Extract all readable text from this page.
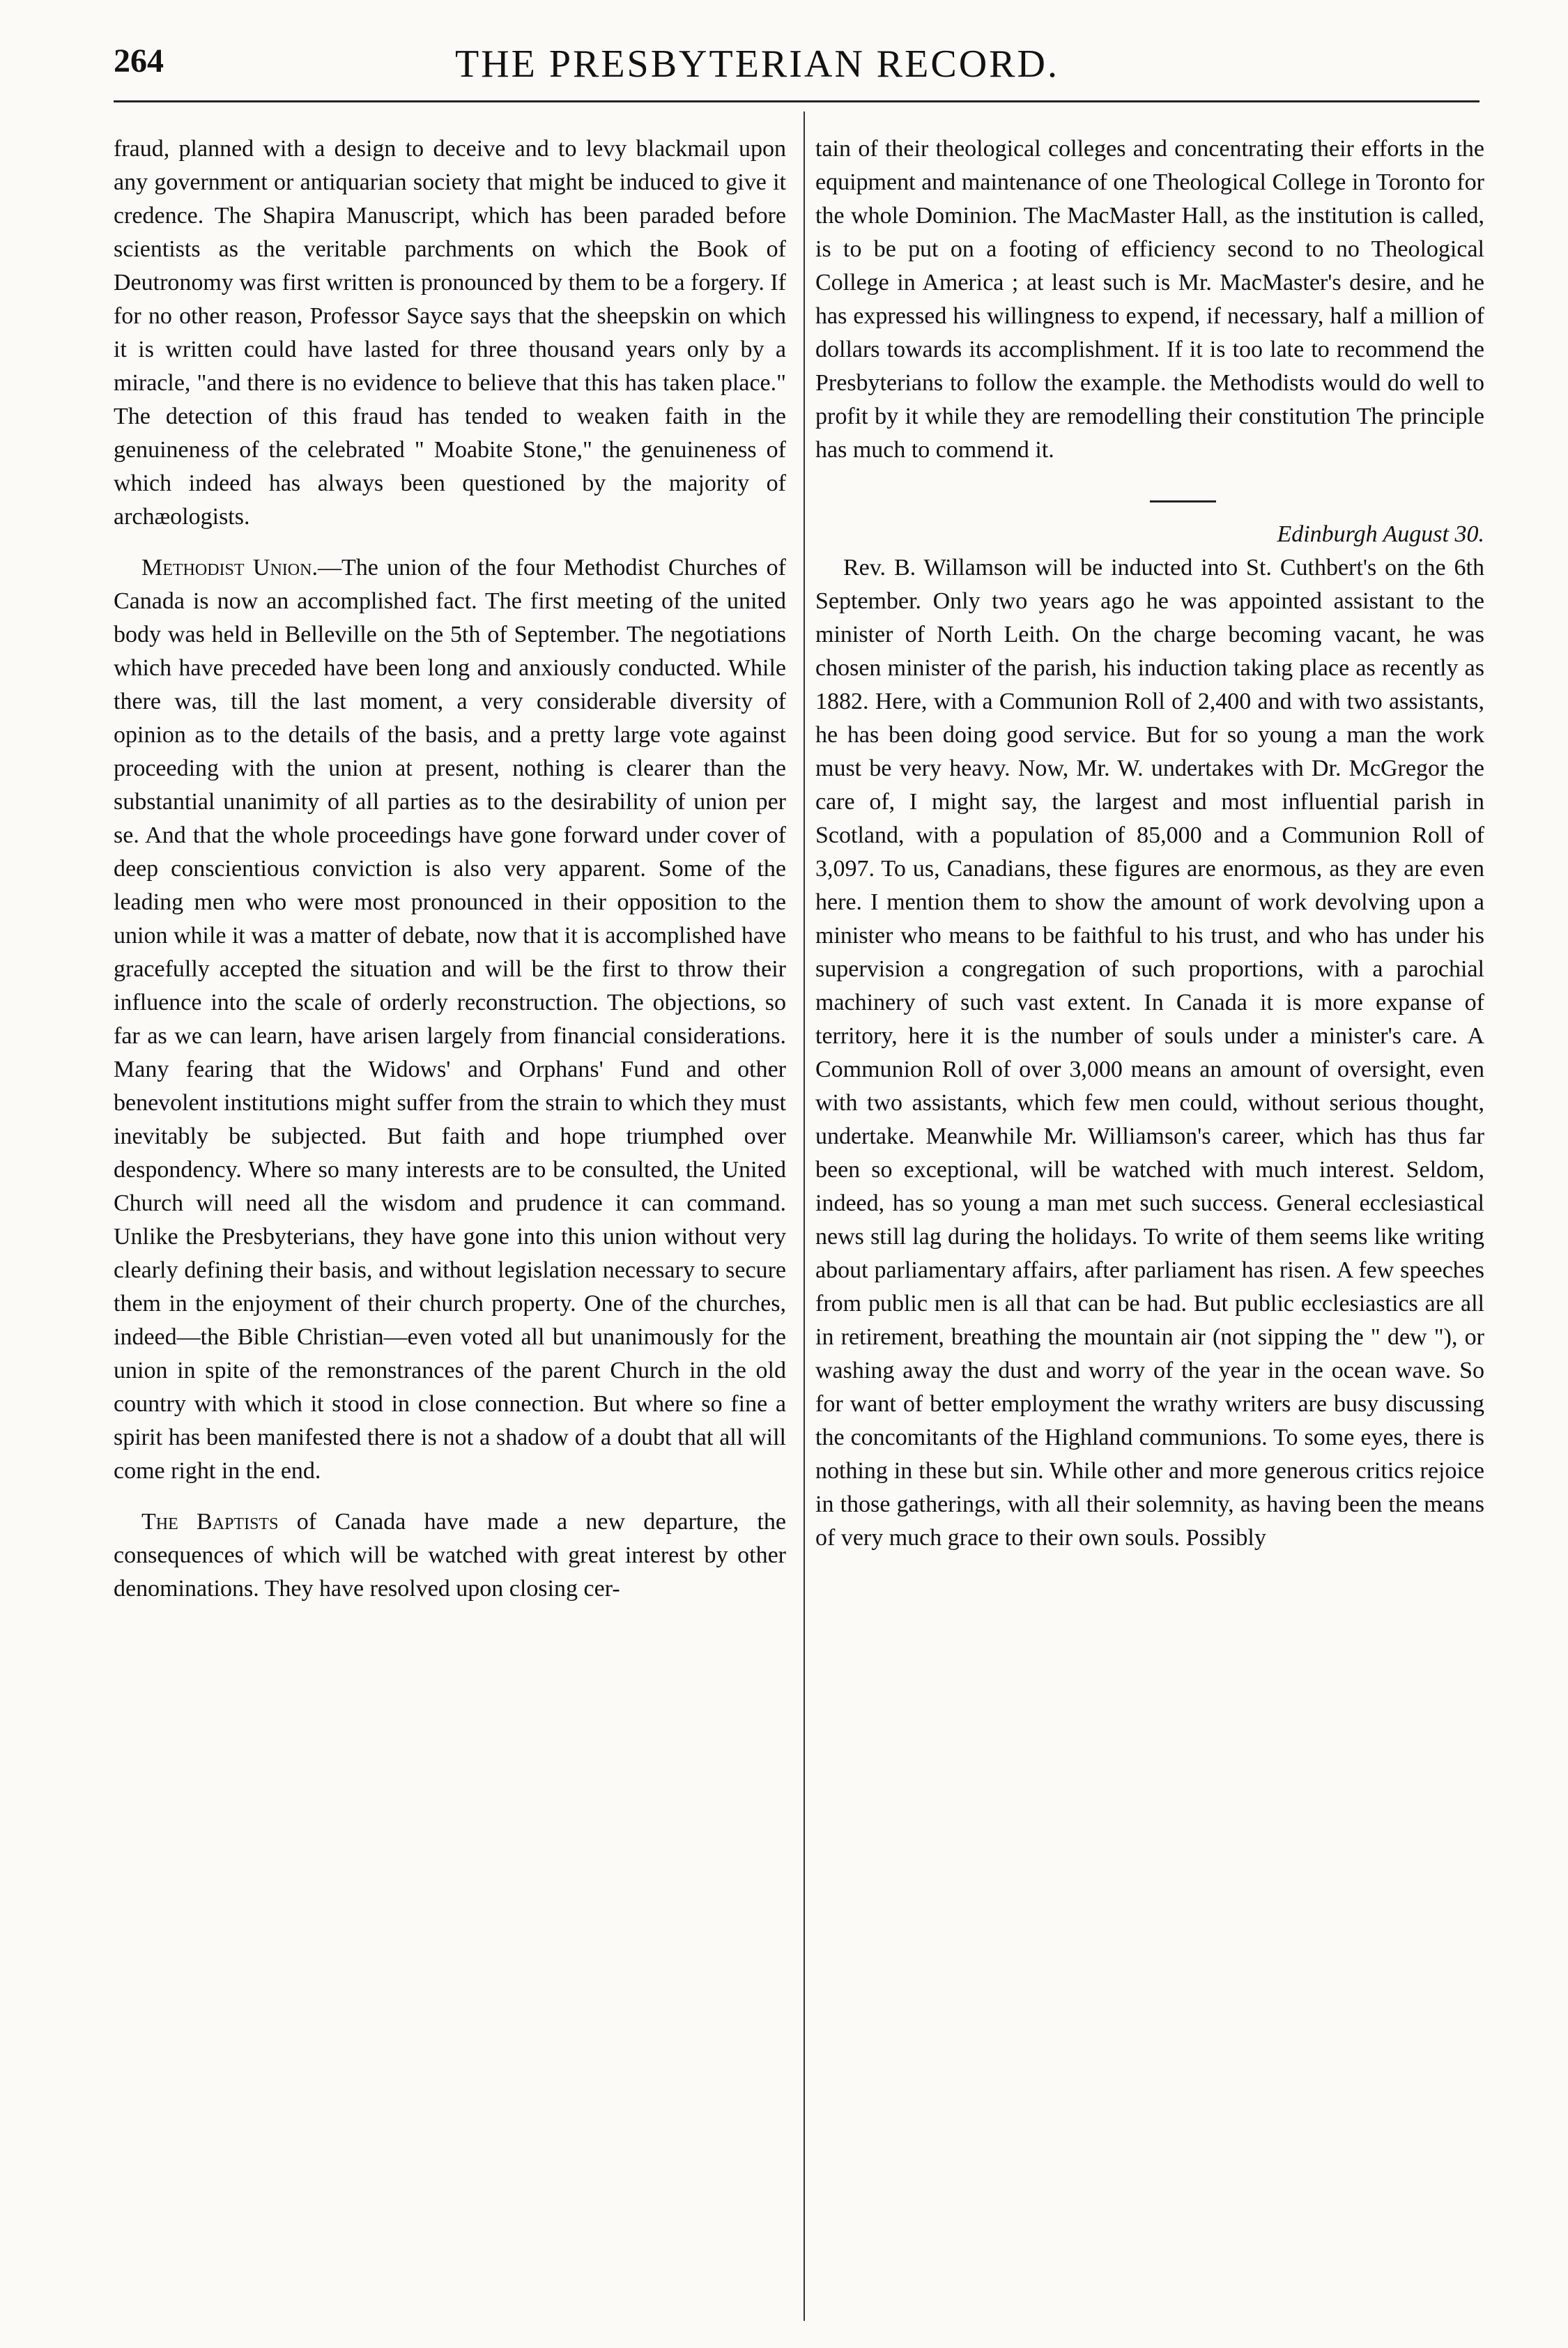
264	THE PRESBYTERIAN RECORD.

fraud, planned with a design to deceive and to levy blackmail upon any government or antiquarian society that might be induced to give it credence. The Shapira Manuscript, which has been paraded before scientists as the veritable parchments on which the Book of Deutronomy was first written is pronounced by them to be a forgery. If for no other reason, Professor Sayce says that the sheepskin on which it is written could have lasted for three thousand years only by a miracle, "and there is no evidence to believe that this has taken place." The detection of this fraud has tended to weaken faith in the genuineness of the celebrated " Moabite Stone," the genuineness of which indeed has always been questioned by the majority of archæologists.

Methodist Union.—The union of the four Methodist Churches of Canada is now an accomplished fact. The first meeting of the united body was held in Belleville on the 5th of September. The negotiations which have preceded have been long and anxiously conducted. While there was, till the last moment, a very considerable diversity of opinion as to the details of the basis, and a pretty large vote against proceeding with the union at present, nothing is clearer than the substantial unanimity of all parties as to the desirability of union per se. And that the whole proceedings have gone forward under cover of deep conscientious conviction is also very apparent. Some of the leading men who were most pronounced in their opposition to the union while it was a matter of debate, now that it is accomplished have gracefully accepted the situation and will be the first to throw their influence into the scale of orderly reconstruction. The objections, so far as we can learn, have arisen largely from financial considerations. Many fearing that the Widows' and Orphans' Fund and other benevolent institutions might suffer from the strain to which they must inevitably be subjected. But faith and hope triumphed over despondency. Where so many interests are to be consulted, the United Church will need all the wisdom and prudence it can command. Unlike the Presbyterians, they have gone into this union without very clearly defining their basis, and without legislation necessary to secure them in the enjoyment of their church property. One of the churches, indeed—the Bible Christian—even voted all but unanimously for the union in spite of the remonstrances of the parent Church in the old country with which it stood in close connection. But where so fine a spirit has been manifested there is not a shadow of a doubt that all will come right in the end.

The Baptists of Canada have made a new departure, the consequences of which will be watched with great interest by other denominations. They have resolved upon closing cer-

tain of their theological colleges and concentrating their efforts in the equipment and maintenance of one Theological College in Toronto for the whole Dominion. The MacMaster Hall, as the institution is called, is to be put on a footing of efficiency second to no Theological College in America ; at least such is Mr. MacMaster's desire, and he has expressed his willingness to expend, if necessary, half a million of dollars towards its accomplishment. If it is too late to recommend the Presbyterians to follow the example. the Methodists would do well to profit by it while they are remodelling their constitution The principle has much to commend it.

Edinburgh August 30.

Rev. B. Willamson will be inducted into St. Cuthbert's on the 6th September. Only two years ago he was appointed assistant to the minister of North Leith. On the charge becoming vacant, he was chosen minister of the parish, his induction taking place as recently as 1882. Here, with a Communion Roll of 2,400 and with two assistants, he has been doing good service. But for so young a man the work must be very heavy. Now, Mr. W. undertakes with Dr. McGregor the care of, I might say, the largest and most influential parish in Scotland, with a population of 85,000 and a Communion Roll of 3,097. To us, Canadians, these figures are enormous, as they are even here. I mention them to show the amount of work devolving upon a minister who means to be faithful to his trust, and who has under his supervision a congregation of such proportions, with a parochial machinery of such vast extent. In Canada it is more expanse of territory, here it is the number of souls under a minister's care. A Communion Roll of over 3,000 means an amount of oversight, even with two assistants, which few men could, without serious thought, undertake. Meanwhile Mr. Williamson's career, which has thus far been so exceptional, will be watched with much interest. Seldom, indeed, has so young a man met such success. General ecclesiastical news still lag during the holidays. To write of them seems like writing about parliamentary affairs, after parliament has risen. A few speeches from public men is all that can be had. But public ecclesiastics are all in retirement, breathing the mountain air (not sipping the " dew "), or washing away the dust and worry of the year in the ocean wave. So for want of better employment the wrathy writers are busy discussing the concomitants of the Highland communions. To some eyes, there is nothing in these but sin. While other and more generous critics rejoice in those gatherings, with all their solemnity, as having been the means of very much grace to their own souls. Possibly
